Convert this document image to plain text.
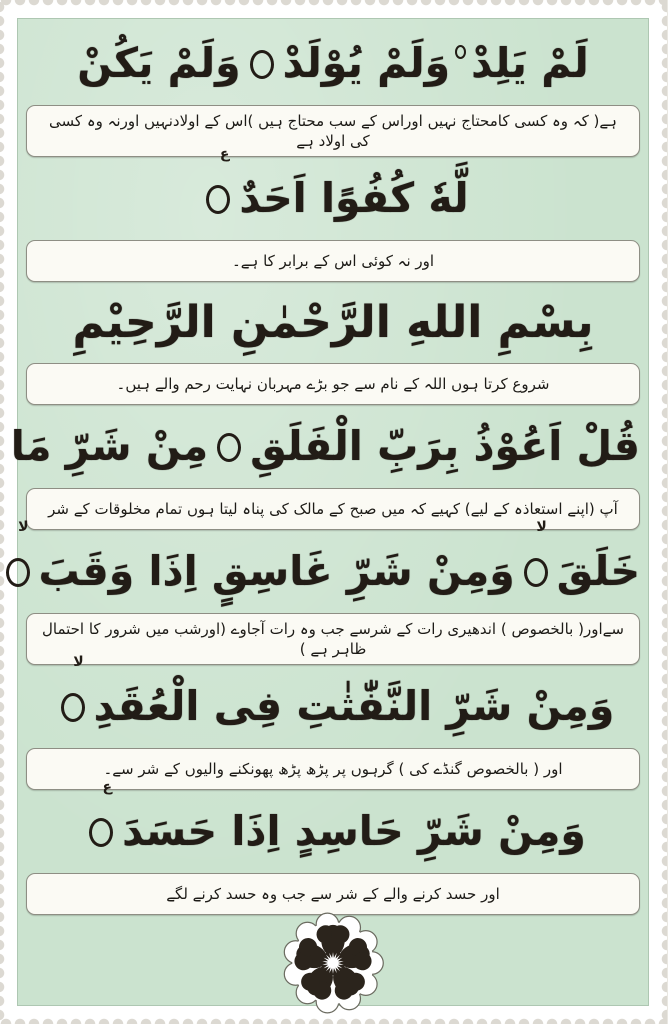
لَمْ يَلِدْوَلَمْ يُوْلَدْوَلَمْ يَكُنْ
ہے( کہ وہ کسی کامحتاج نہیں اوراس کے سب محتاج ہیں )اس کے اولادنہیں اورنہ وہ کسی کی اولاد ہے
لَّهٗ كُفُوًا اَحَدٌ
ع
اور نہ کوئی اس کے برابر کا ہے۔
بِسْمِ اللهِ الرَّحْمٰنِ الرَّحِيْمِ
شروع کرتا ہوں اللہ کے نام سے جو بڑے مہربان نہایت رحم والے ہیں۔
قُلْ اَعُوْذُ بِرَبِّ الْفَلَقِمِنْ شَرِّ مَا
آپ (اپنے استعاذہ کے لیے) کہیے کہ میں صبح کے مالک کی پناہ لیتا ہوں تمام مخلوقات کے شر
خَلَقَ
لا
وَمِنْ شَرِّ غَاسِقٍ اِذَا وَقَبَ
لا
سےاور( بالخصوص ) اندھیری رات کے شرسے جب وہ رات آجاوے (اورشب میں شرور کا احتمال ظاہر ہے )
وَمِنْ شَرِّ النَّفّٰثٰتِ فِی الْعُقَدِ
لا
اور ( بالخصوص گنڈے کی ) گرہوں پر پڑھ پڑھ پھونکنے والیوں کے شر سے۔
وَمِنْ شَرِّ حَاسِدٍ اِذَا حَسَدَ
ع
اور حسد کرنے والے کے شر سے جب وہ حسد کرنے لگے
